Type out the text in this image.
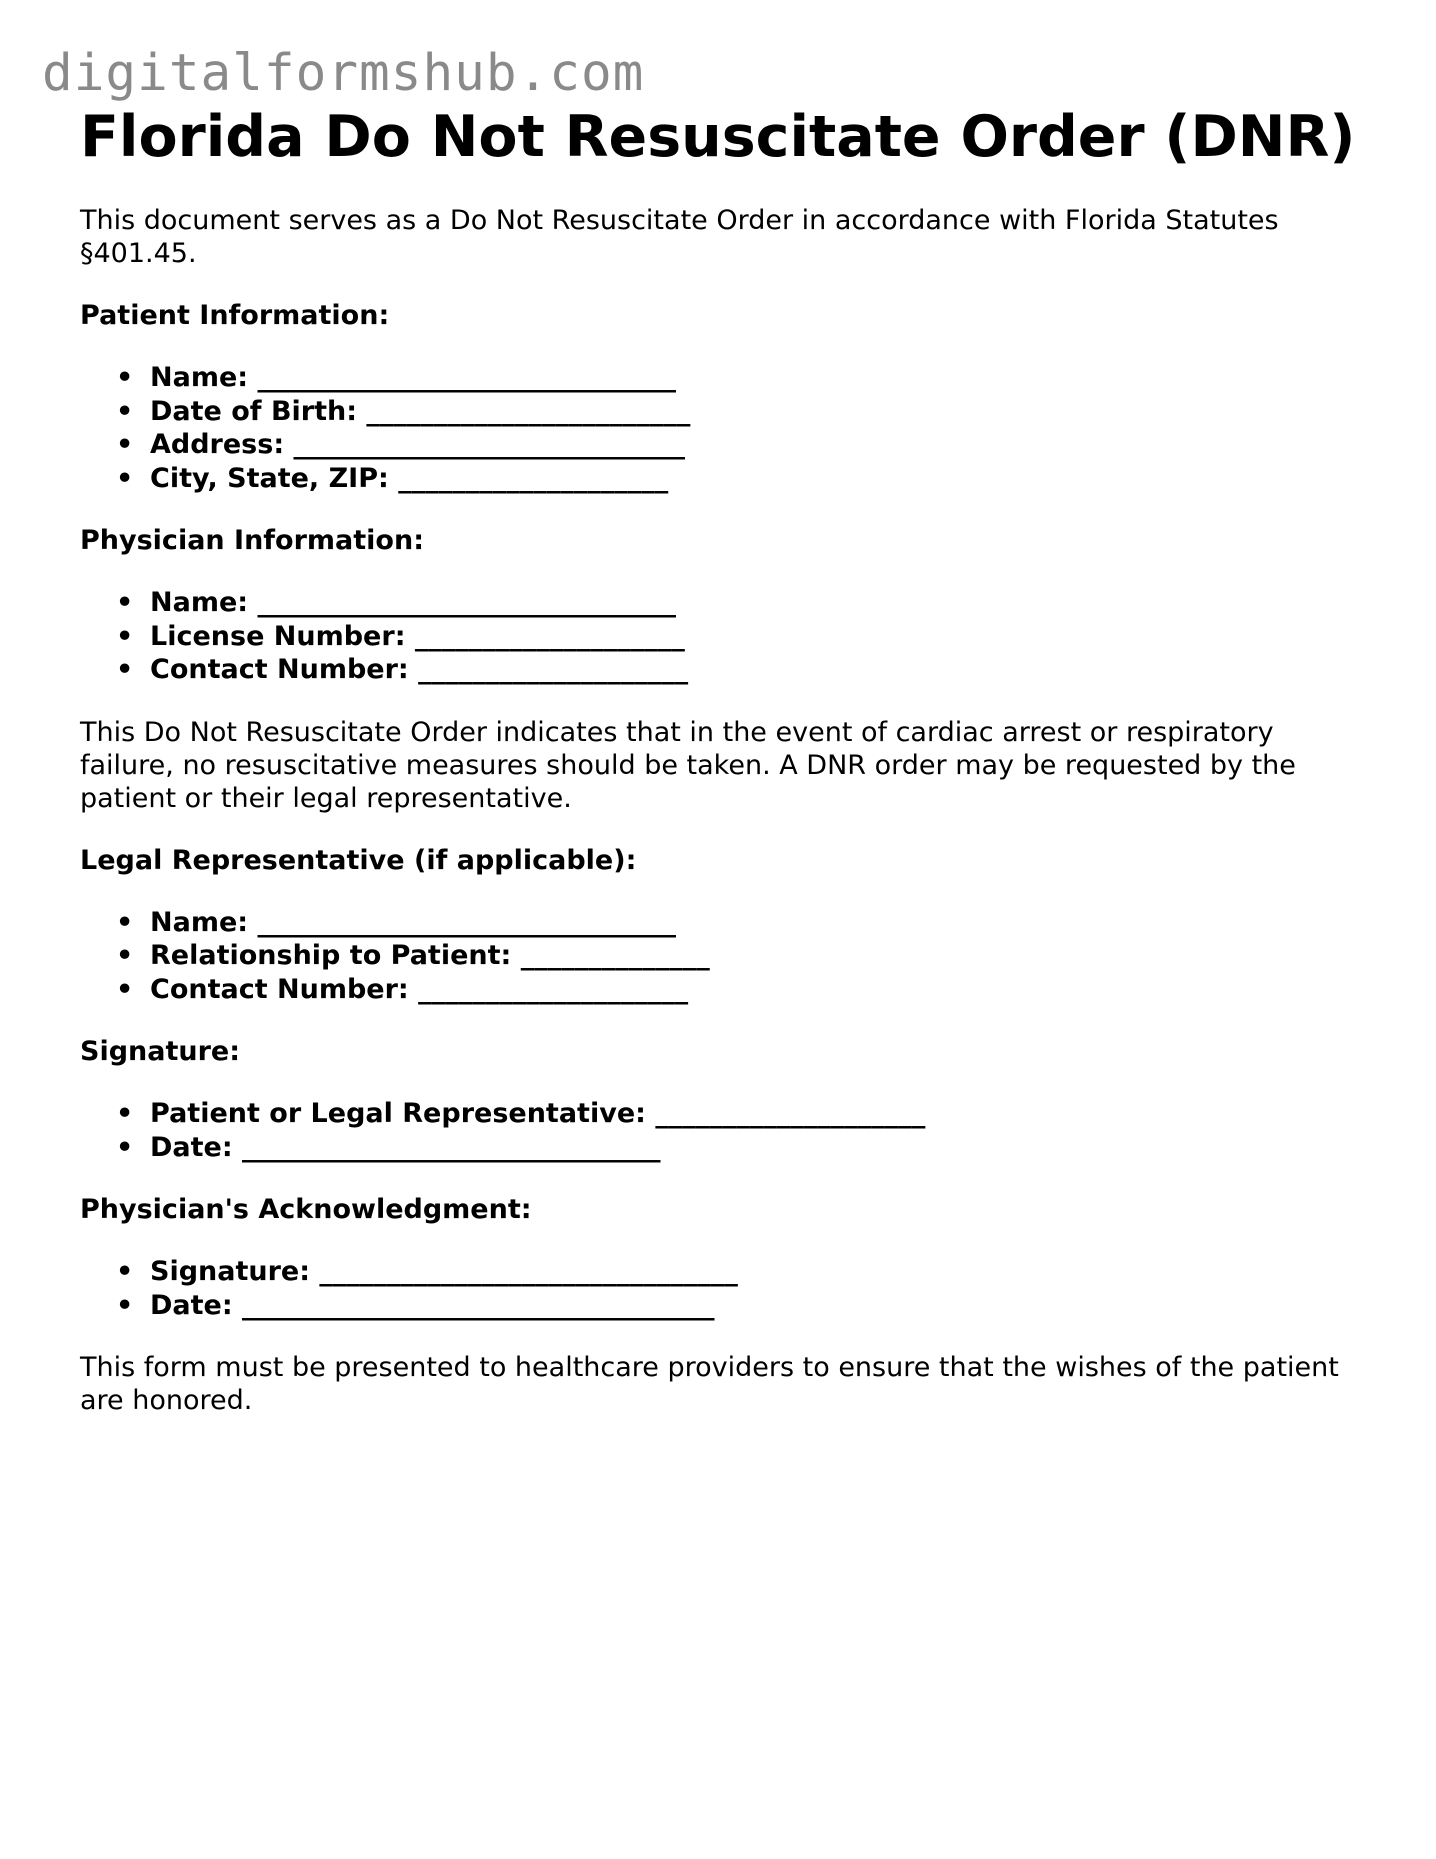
digitalformshub.com
Florida Do Not Resuscitate Order (DNR)

This document serves as a Do Not Resuscitate Order in accordance with Florida Statutes §401.45.

Patient Information:
• Name: _______________________________
• Date of Birth: ________________________
• Address: _____________________________
• City, State, ZIP: ____________________
Physician Information:
• Name: _______________________________
• License Number: ____________________
• Contact Number: ____________________

This Do Not Resuscitate Order indicates that in the event of cardiac arrest or respiratory failure, no resuscitative measures should be taken. A DNR order may be requested by the patient or their legal representative.

Legal Representative (if applicable):
• Name: _______________________________
• Relationship to Patient: ______________
• Contact Number: ____________________
Signature:
• Patient or Legal Representative: ____________________
• Date: _______________________________
Physician's Acknowledgment:
• Signature: _______________________________
• Date: ___________________________________

This form must be presented to healthcare providers to ensure that the wishes of the patient are honored.
